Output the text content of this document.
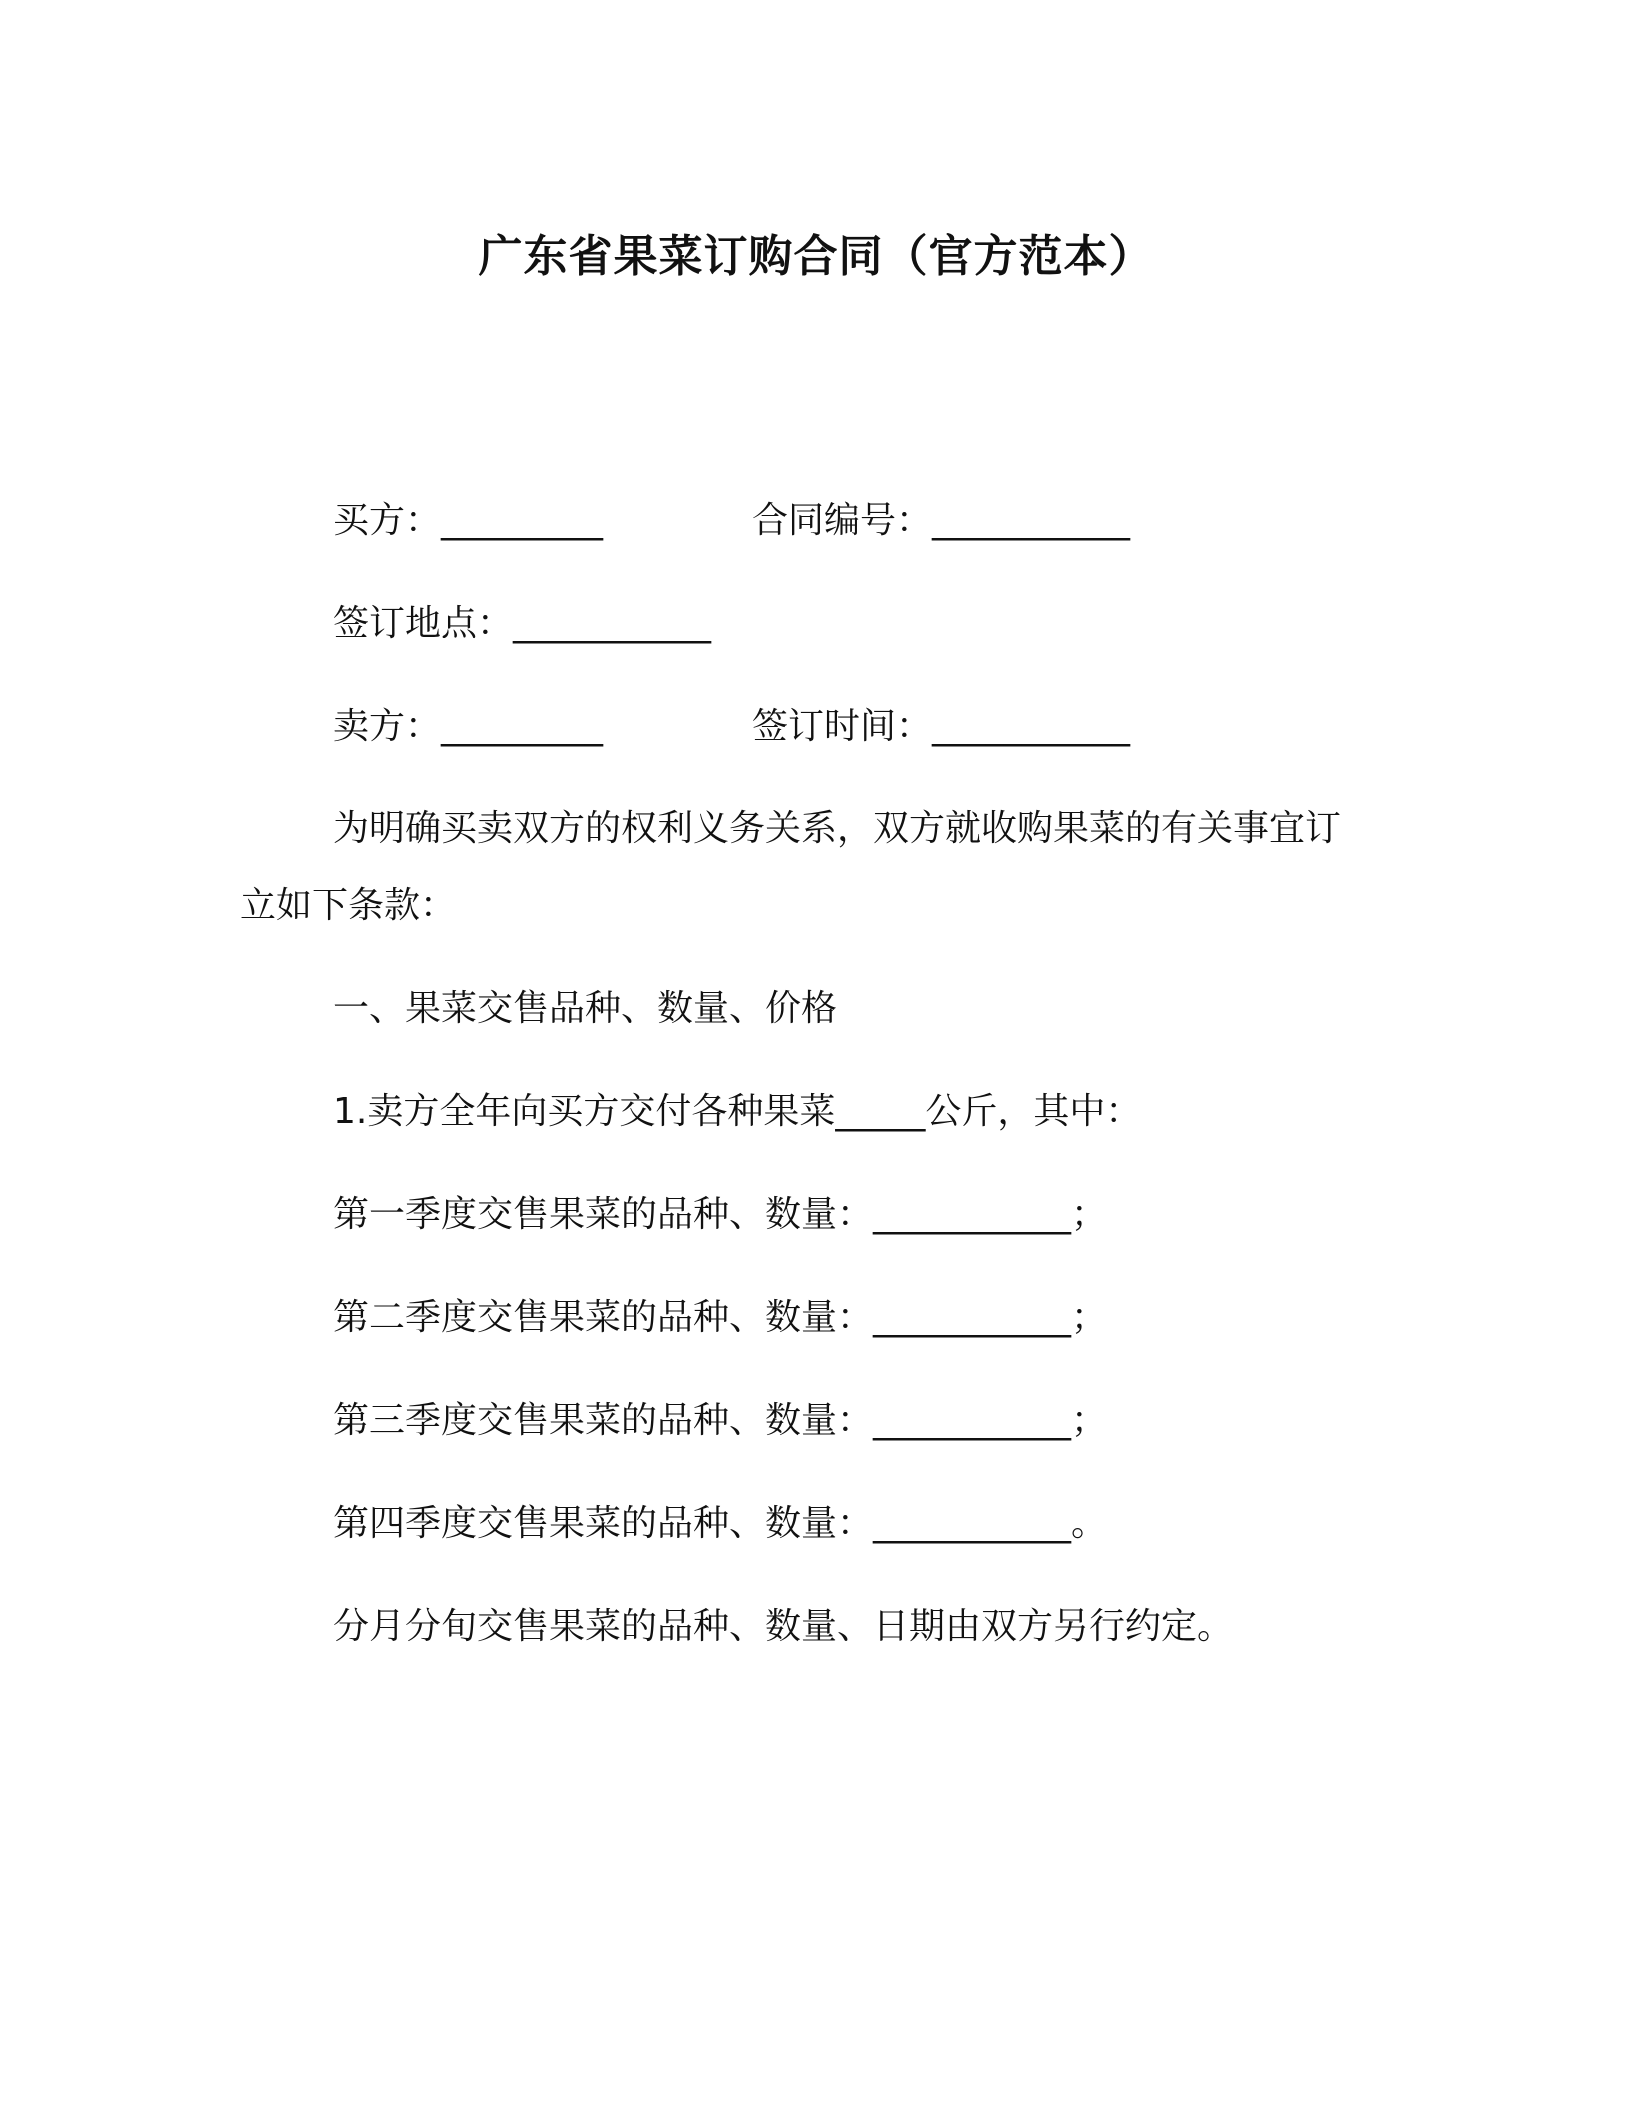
广东省果菜订购合同（官方范本）
买方：_________	合同编号：___________
签订地点：___________
卖方：_________	签订时间：___________
为明确买卖双方的权利义务关系，双方就收购果菜的有关事宜订
立如下条款：
一、果菜交售品种、数量、价格
1.卖方全年向买方交付各种果菜_____公斤，其中：
第一季度交售果菜的品种、数量：___________；
第二季度交售果菜的品种、数量：___________；
第三季度交售果菜的品种、数量：___________；
第四季度交售果菜的品种、数量：___________。
分月分旬交售果菜的品种、数量、日期由双方另行约定。
